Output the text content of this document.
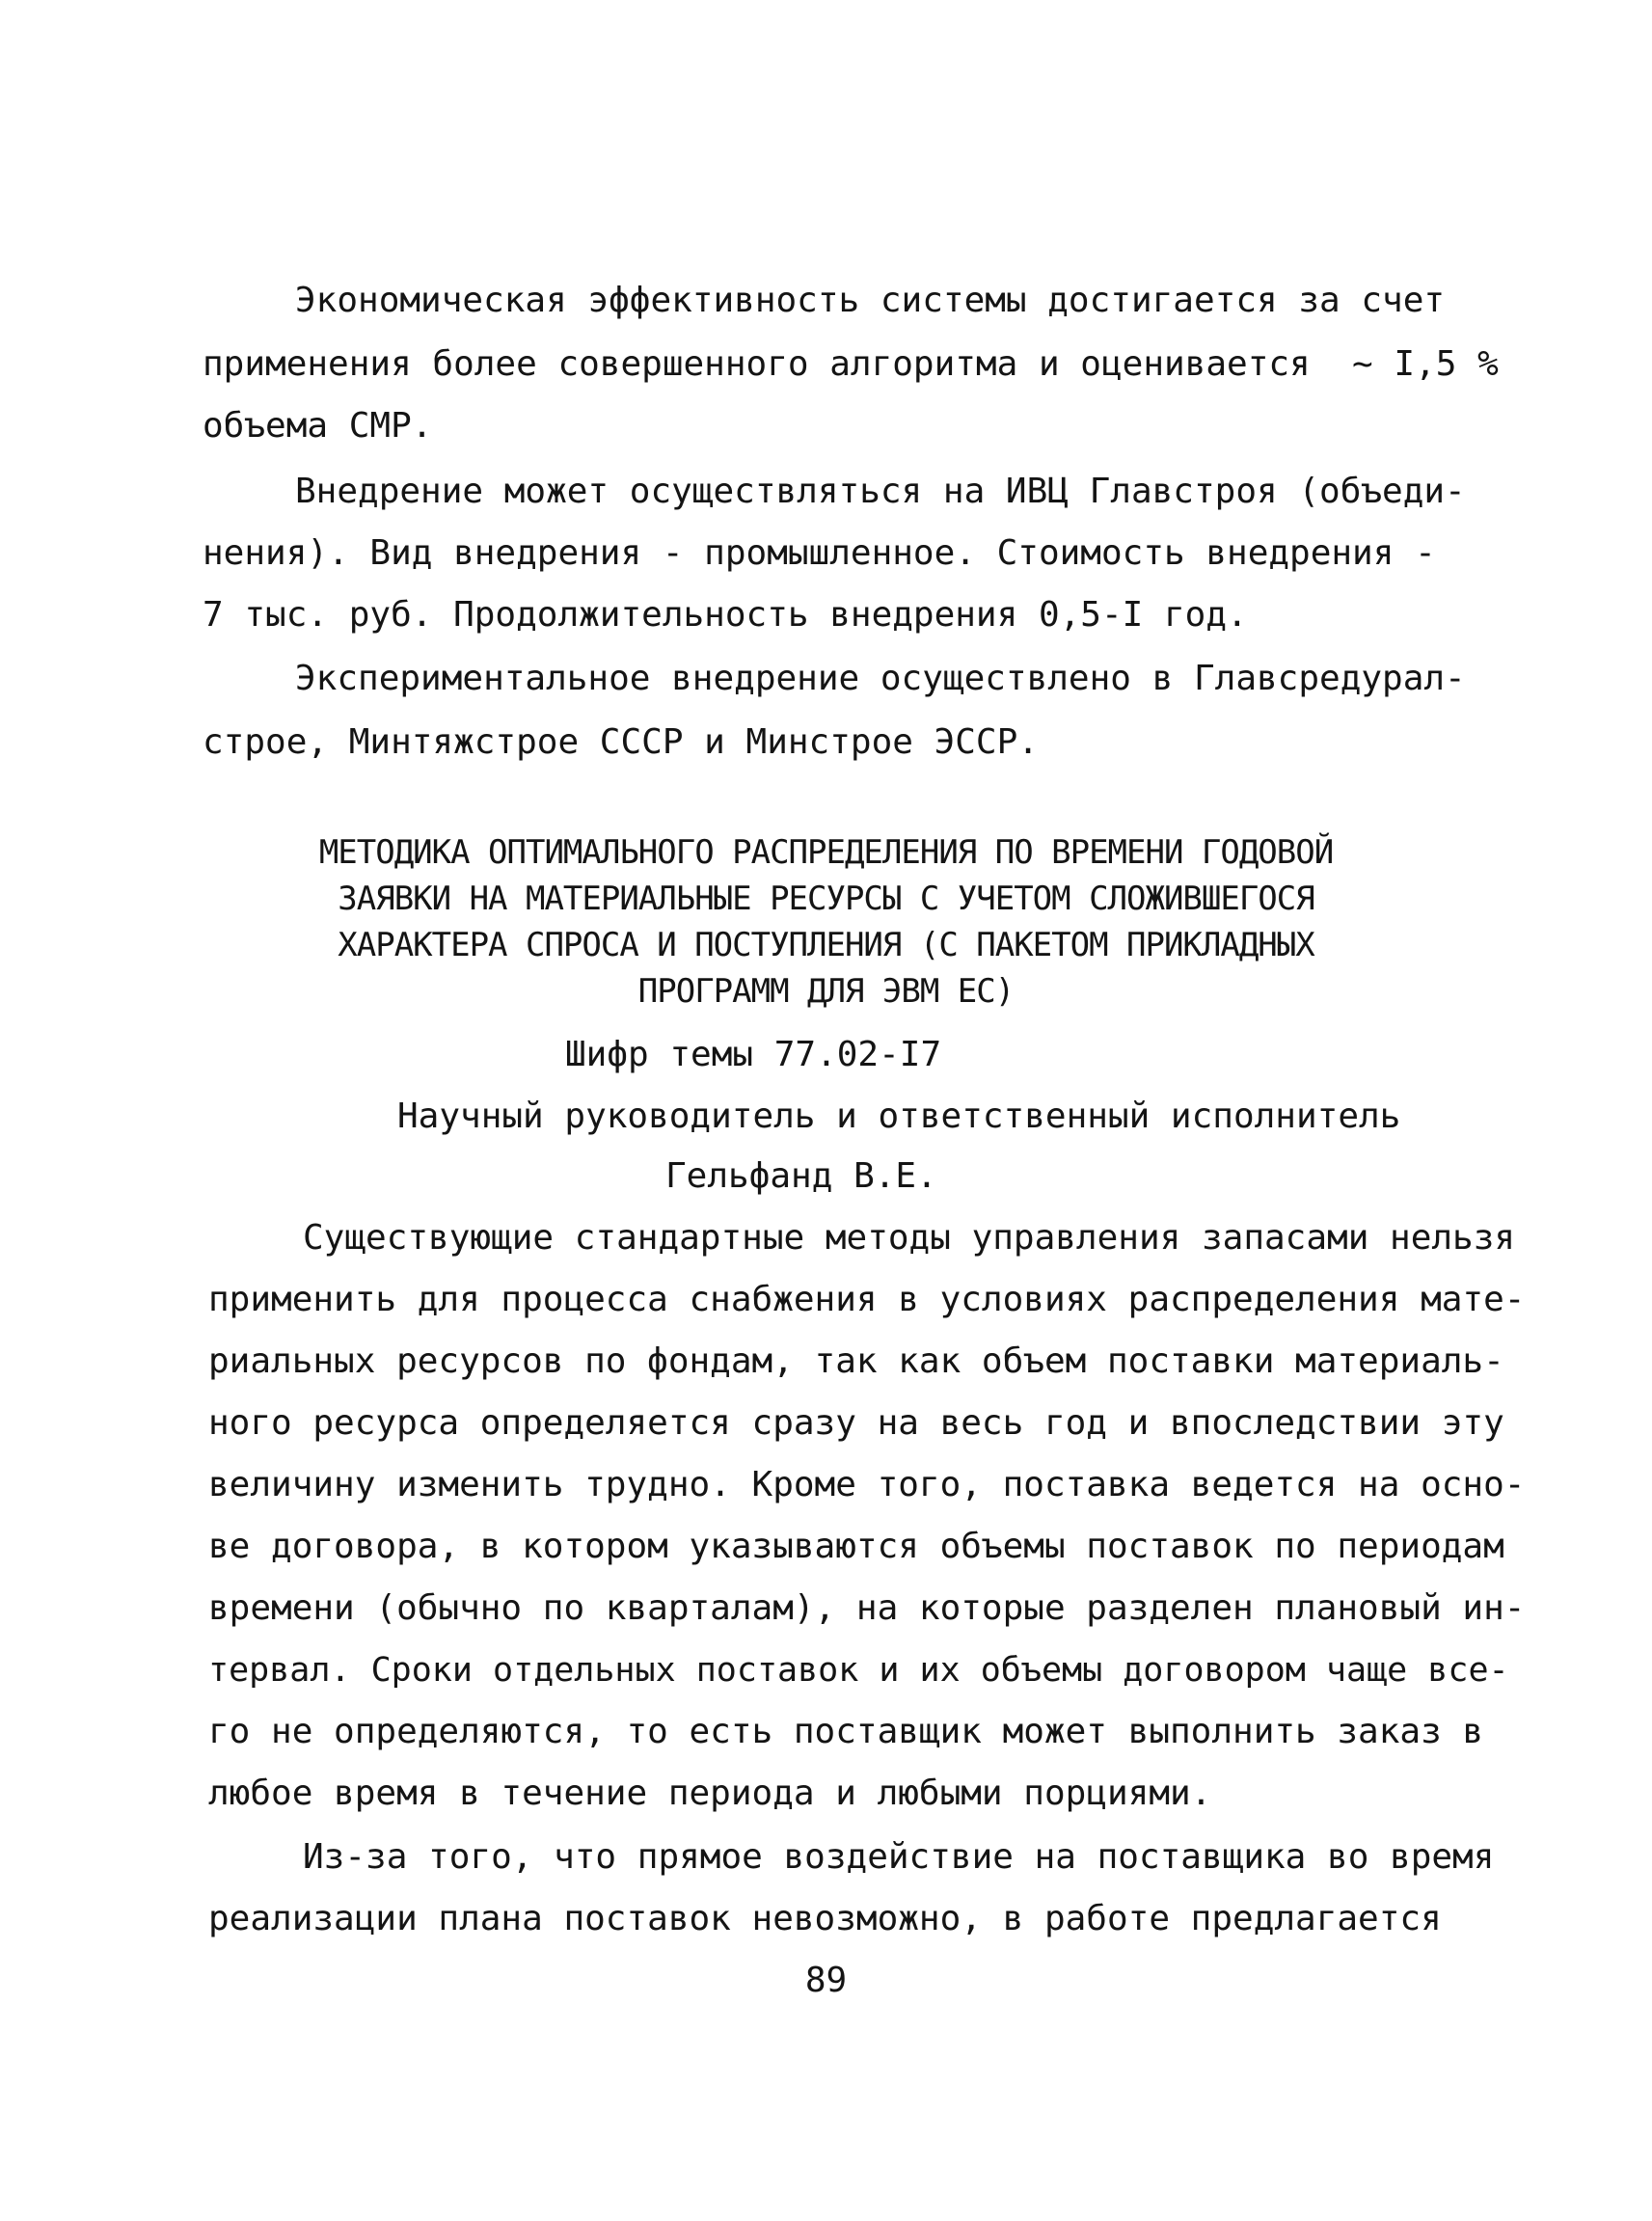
Экономическая эффективность системы достигается за счет
применения более совершенного алгоритма и оценивается  ~ I,5 %
объема СМР.
Внедрение может осуществляться на ИВЦ Главстроя (объеди-
нения). Вид внедрения - промышленное. Стоимость внедрения -
7 тыс. руб. Продолжительность внедрения 0,5-I год.
Экспериментальное внедрение осуществлено в Главсредурал-
строе, Минтяжстрое СССР и Минстрое ЭССР.
МЕТОДИКА ОПТИМАЛЬНОГО РАСПРЕДЕЛЕНИЯ ПО ВРЕМЕНИ ГОДОВОЙ
ЗАЯВКИ НА МАТЕРИАЛЬНЫЕ РЕСУРСЫ С УЧЕТОМ СЛОЖИВШЕГОСЯ
ХАРАКТЕРА СПРОСА И ПОСТУПЛЕНИЯ (С ПАКЕТОМ ПРИКЛАДНЫХ
ПРОГРАММ ДЛЯ ЭВМ ЕС)
Шифр темы 77.02-I7
Научный руководитель и ответственный исполнитель
Гельфанд В.Е.
Существующие стандартные методы управления запасами нельзя
применить для процесса снабжения в условиях распределения мате-
риальных ресурсов по фондам, так как объем поставки материаль-
ного ресурса определяется сразу на весь год и впоследствии эту
величину изменить трудно. Кроме того, поставка ведется на осно-
ве договора, в котором указываются объемы поставок по периодам
времени (обычно по кварталам), на которые разделен плановый ин-
тервал. Сроки отдельных поставок и их объемы договором чаще все-
го не определяются, то есть поставщик может выполнить заказ в
любое время в течение периода и любыми порциями.
Из-за того, что прямое воздействие на поставщика во время
реализации плана поставок невозможно, в работе предлагается
89
